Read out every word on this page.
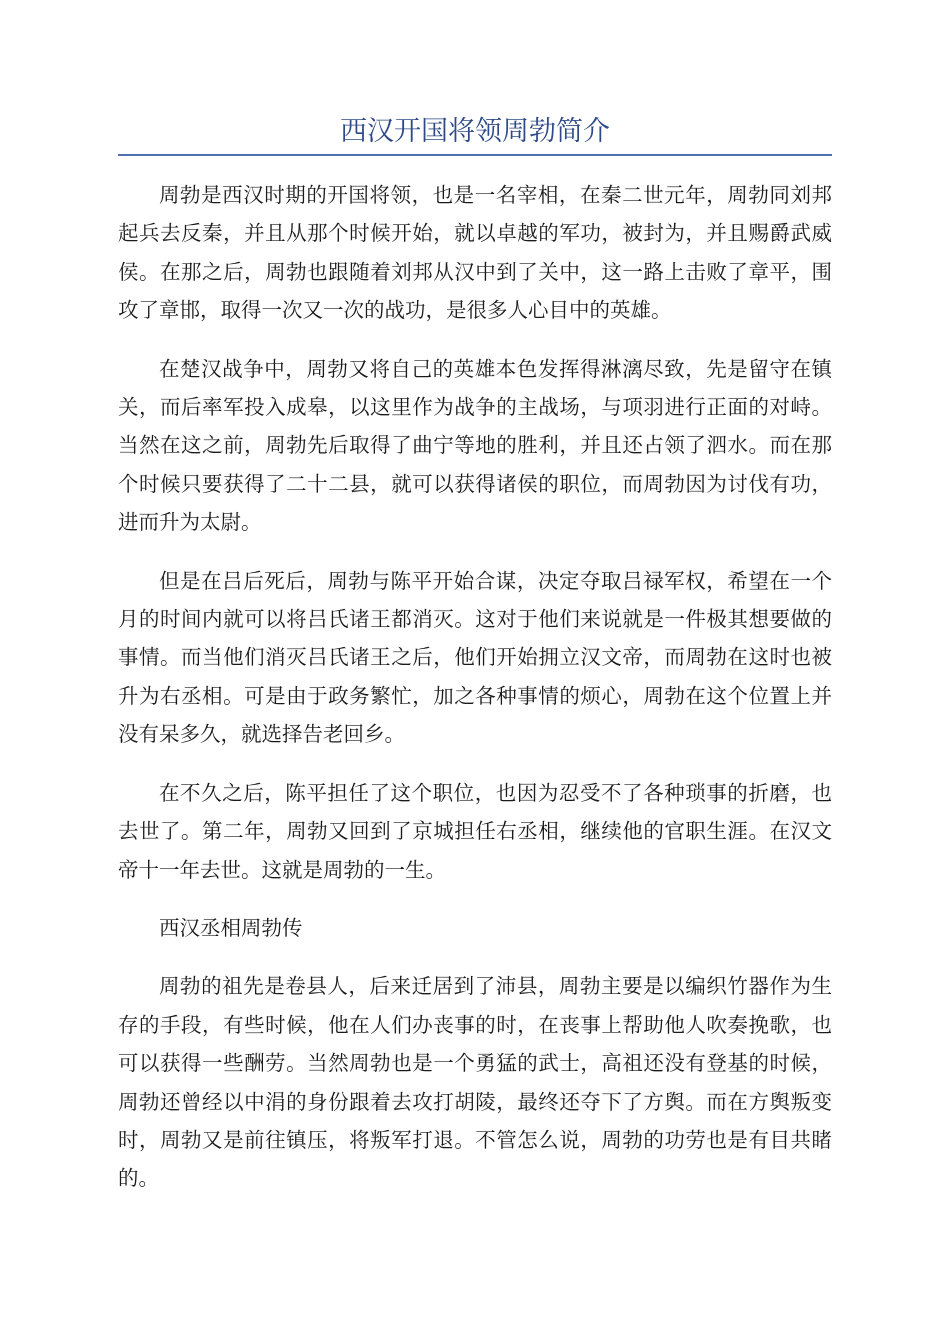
西汉开国将领周勃简介

周勃是西汉时期的开国将领，也是一名宰相，在秦二世元年，周勃同刘邦起兵去反秦，并且从那个时候开始，就以卓越的军功，被封为，并且赐爵武威侯。在那之后，周勃也跟随着刘邦从汉中到了关中，这一路上击败了章平，围攻了章邯，取得一次又一次的战功，是很多人心目中的英雄。

在楚汉战争中，周勃又将自己的英雄本色发挥得淋漓尽致，先是留守在镇关，而后率军投入成皋，以这里作为战争的主战场，与项羽进行正面的对峙。当然在这之前，周勃先后取得了曲宁等地的胜利，并且还占领了泗水。而在那个时候只要获得了二十二县，就可以获得诸侯的职位，而周勃因为讨伐有功，进而升为太尉。

但是在吕后死后，周勃与陈平开始合谋，决定夺取吕禄军权，希望在一个月的时间内就可以将吕氏诸王都消灭。这对于他们来说就是一件极其想要做的事情。而当他们消灭吕氏诸王之后，他们开始拥立汉文帝，而周勃在这时也被升为右丞相。可是由于政务繁忙，加之各种事情的烦心，周勃在这个位置上并没有呆多久，就选择告老回乡。

在不久之后，陈平担任了这个职位，也因为忍受不了各种琐事的折磨，也去世了。第二年，周勃又回到了京城担任右丞相，继续他的官职生涯。在汉文帝十一年去世。这就是周勃的一生。

西汉丞相周勃传

周勃的祖先是卷县人，后来迁居到了沛县，周勃主要是以编织竹器作为生存的手段，有些时候，他在人们办丧事的时，在丧事上帮助他人吹奏挽歌，也可以获得一些酬劳。当然周勃也是一个勇猛的武士，高祖还没有登基的时候，周勃还曾经以中涓的身份跟着去攻打胡陵，最终还夺下了方舆。而在方舆叛变时，周勃又是前往镇压，将叛军打退。不管怎么说，周勃的功劳也是有目共睹的。
